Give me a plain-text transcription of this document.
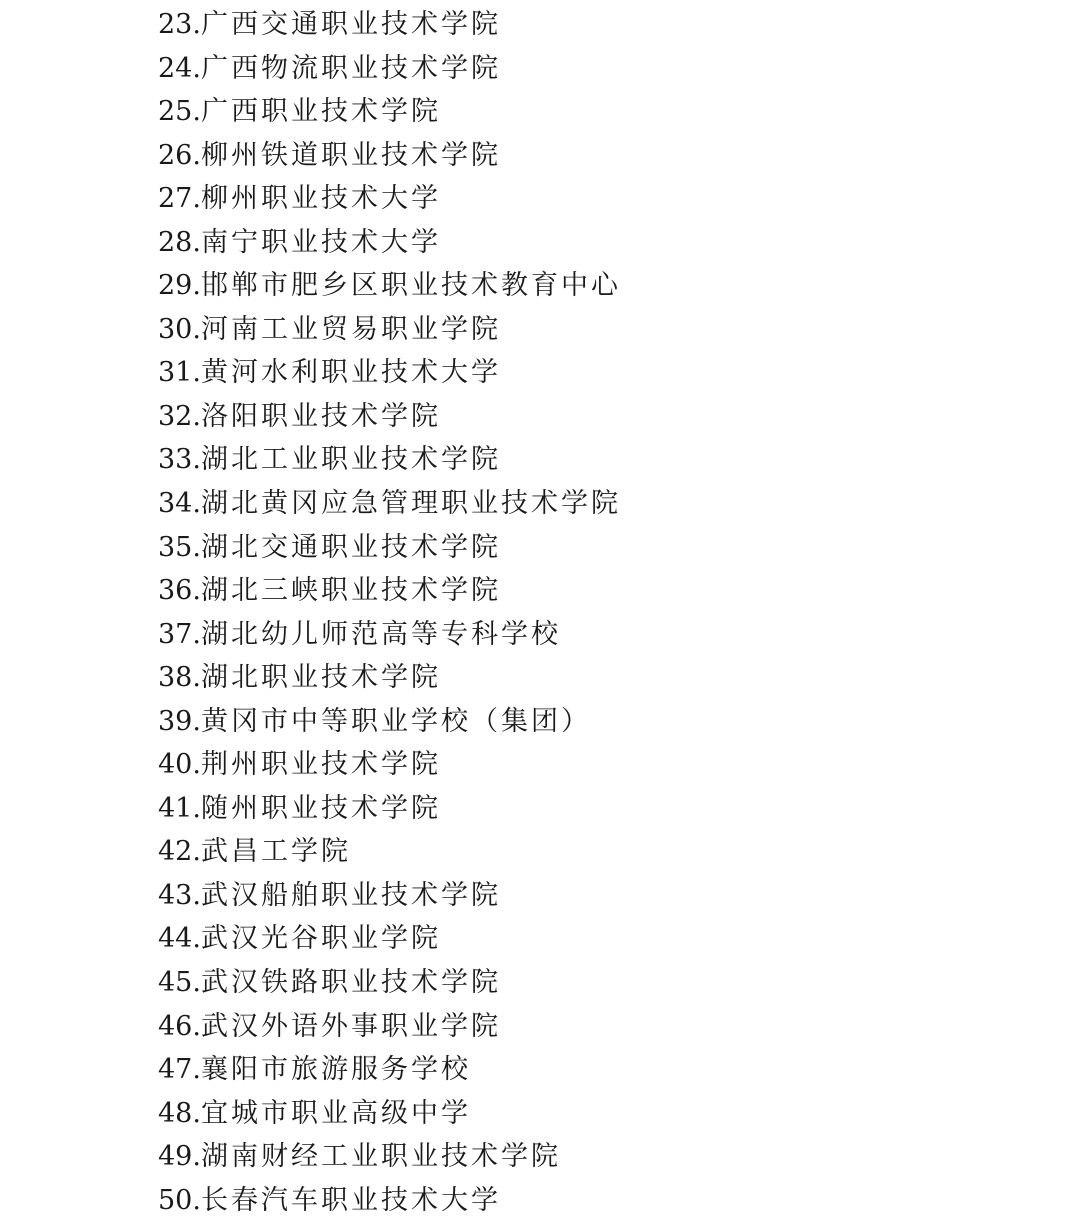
23.广西交通职业技术学院
24.广西物流职业技术学院
25.广西职业技术学院
26.柳州铁道职业技术学院
27.柳州职业技术大学
28.南宁职业技术大学
29.邯郸市肥乡区职业技术教育中心
30.河南工业贸易职业学院
31.黄河水利职业技术大学
32.洛阳职业技术学院
33.湖北工业职业技术学院
34.湖北黄冈应急管理职业技术学院
35.湖北交通职业技术学院
36.湖北三峡职业技术学院
37.湖北幼儿师范高等专科学校
38.湖北职业技术学院
39.黄冈市中等职业学校（集团）
40.荆州职业技术学院
41.随州职业技术学院
42.武昌工学院
43.武汉船舶职业技术学院
44.武汉光谷职业学院
45.武汉铁路职业技术学院
46.武汉外语外事职业学院
47.襄阳市旅游服务学校
48.宜城市职业高级中学
49.湖南财经工业职业技术学院
50.长春汽车职业技术大学
